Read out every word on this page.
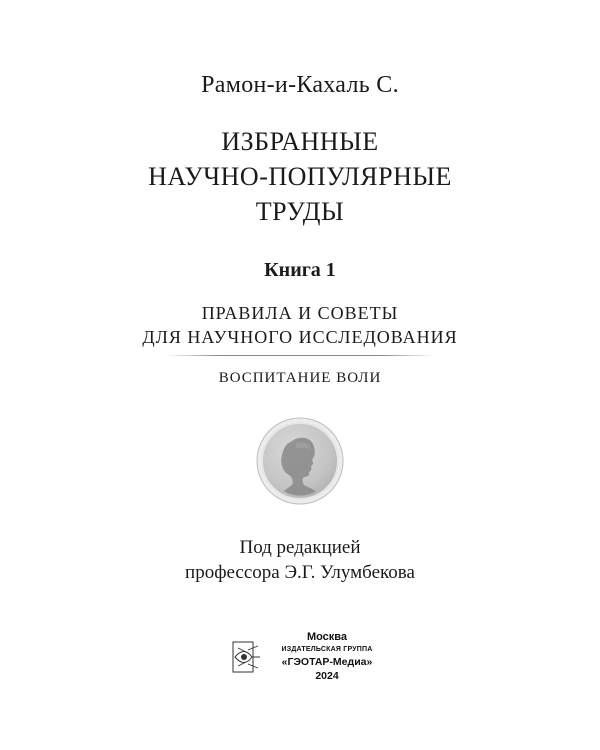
Рамон-и-Кахаль С.
ИЗБРАННЫЕ
НАУЧНО-ПОПУЛЯРНЫЕ
ТРУДЫ
Книга 1
ПРАВИЛА И СОВЕТЫ
ДЛЯ НАУЧНОГО ИССЛЕДОВАНИЯ
ВОСПИТАНИЕ ВОЛИ
Под редакцией
профессора Э.Г. Улумбекова
Москва
ИЗДАТЕЛЬСКАЯ ГРУППА
«ГЭОТАР-Медиа»
2024
